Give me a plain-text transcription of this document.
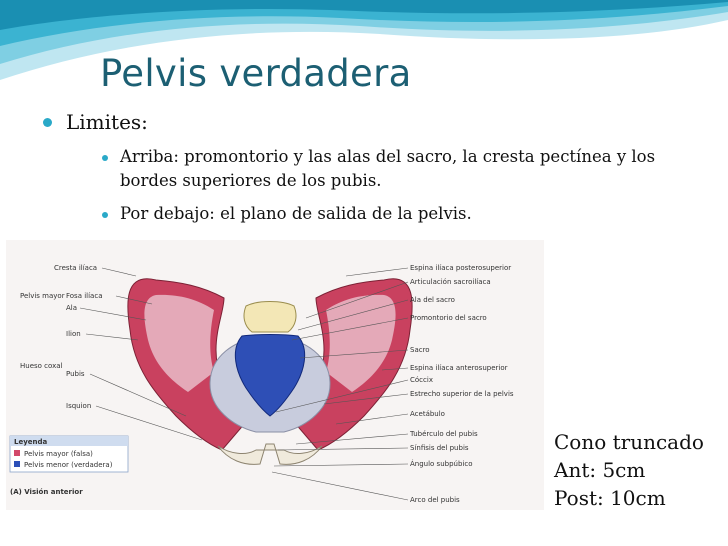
Pelvis verdadera
Limites:
Arriba: promontorio y las alas del sacro, la cresta pectínea y los bordes superiores de los pubis.
Por debajo: el plano de salida de la pelvis.
Cresta ilíaca
Pelvis mayor Fosa ilíaca
Ala
Ilion
Hueso coxal
Pubis
Isquion
Espina ilíaca posterosuperior
Articulación sacroilíaca
Ala del sacro
Promontorio del sacro
Sacro
Espina ilíaca anterosuperior
Cóccix
Estrecho superior de la pelvis
Acetábulo
Tubérculo del pubis
Sínfisis del pubis
Ángulo subpúbico
Arco del pubis
Leyenda
Pelvis mayor (falsa)
Pelvis menor (verdadera)
(A) Visión anterior
Cono truncado
Ant: 5cm
Post: 10cm
